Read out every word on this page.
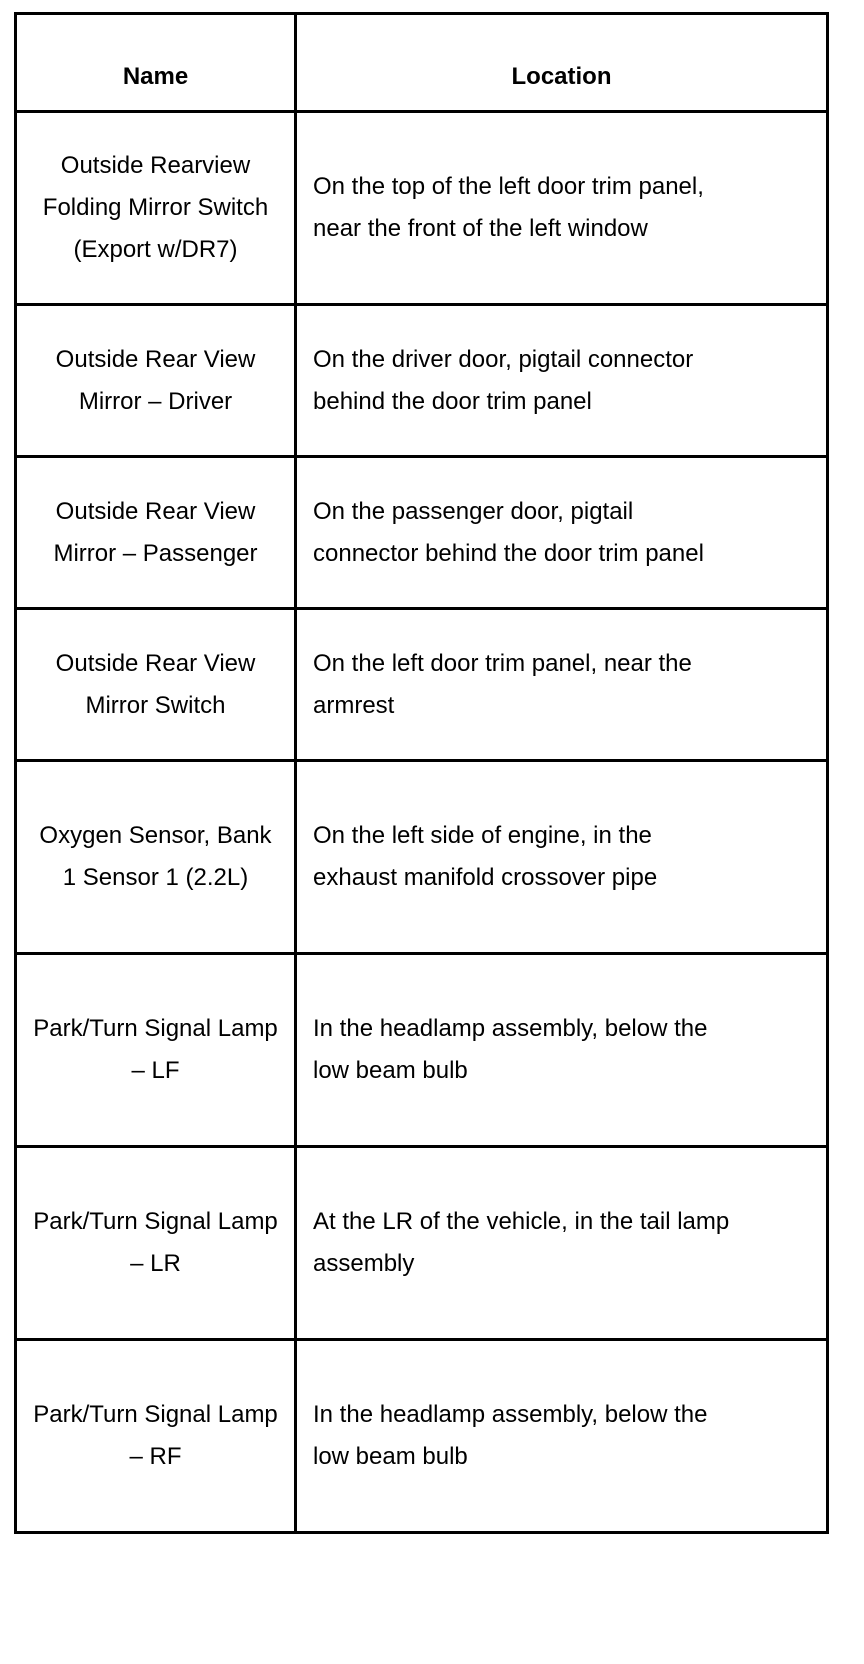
Name	Location
Outside Rearview Folding Mirror Switch (Export w/DR7)	On the top of the left door trim panel, near the front of the left window
Outside Rear View Mirror – Driver	On the driver door, pigtail connector behind the door trim panel
Outside Rear View Mirror – Passenger	On the passenger door, pigtail connector behind the door trim panel
Outside Rear View Mirror Switch	On the left door trim panel, near the armrest
Oxygen Sensor, Bank 1 Sensor 1 (2.2L)	On the left side of engine, in the exhaust manifold crossover pipe
Park/Turn Signal Lamp – LF	In the headlamp assembly, below the low beam bulb
Park/Turn Signal Lamp – LR	At the LR of the vehicle, in the tail lamp assembly
Park/Turn Signal Lamp – RF	In the headlamp assembly, below the low beam bulb
